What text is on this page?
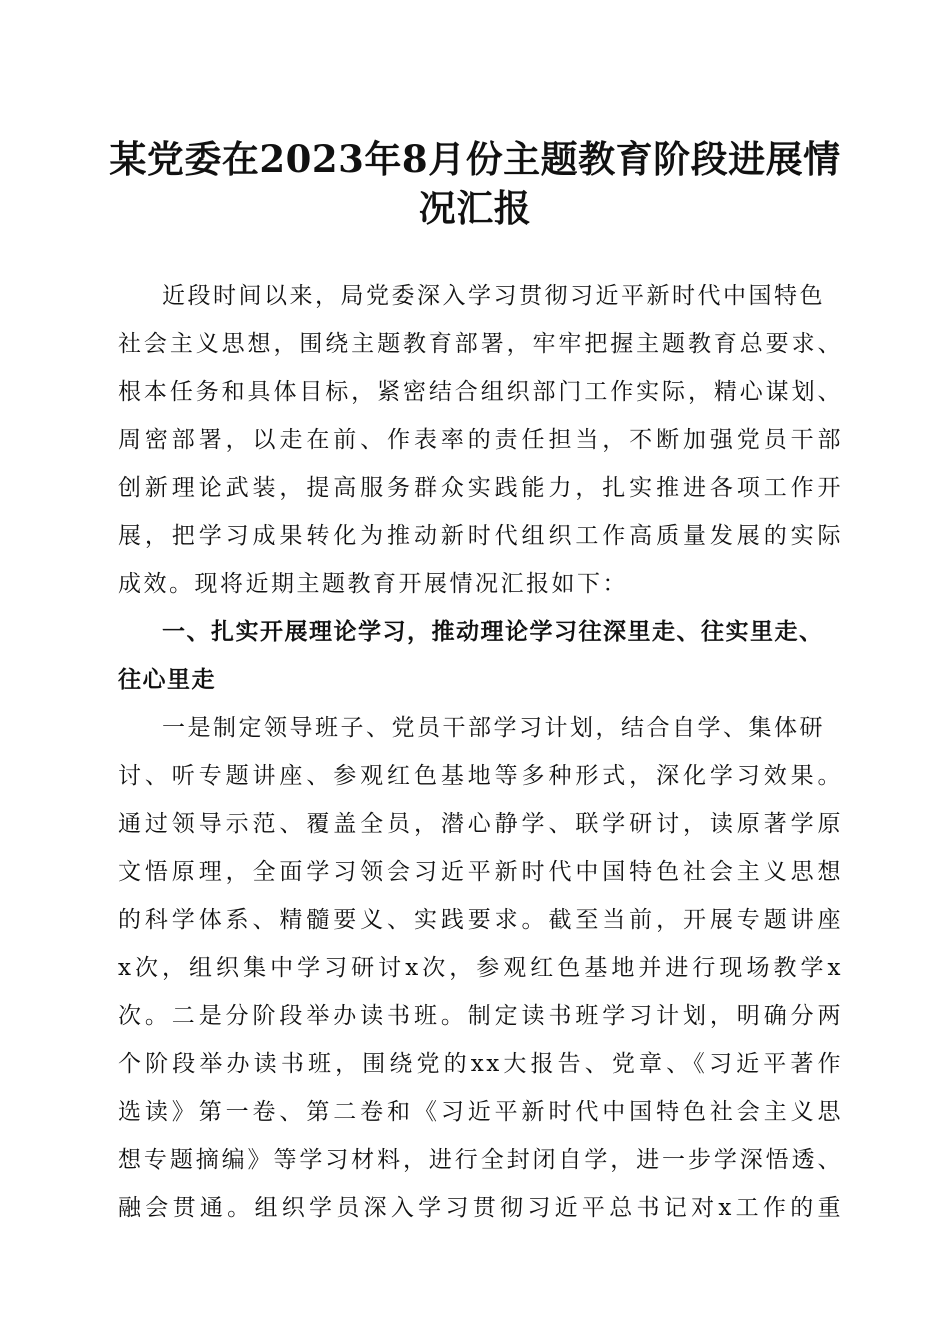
某党委在2023年8月份主题教育阶段进展情
况汇报
近段时间以来，局党委深入学习贯彻习近平新时代中国特色
社会主义思想，围绕主题教育部署，牢牢把握主题教育总要求、
根本任务和具体目标，紧密结合组织部门工作实际，精心谋划、
周密部署，以走在前、作表率的责任担当，不断加强党员干部
创新理论武装，提高服务群众实践能力，扎实推进各项工作开
展，把学习成果转化为推动新时代组织工作高质量发展的实际
成效。现将近期主题教育开展情况汇报如下：
一、扎实开展理论学习，推动理论学习往深里走、往实里走、
往心里走
一是制定领导班子、党员干部学习计划，结合自学、集体研
讨、听专题讲座、参观红色基地等多种形式，深化学习效果。
通过领导示范、覆盖全员，潜心静学、联学研讨，读原著学原
文悟原理，全面学习领会习近平新时代中国特色社会主义思想
的科学体系、精髓要义、实践要求。截至当前，开展专题讲座
x次，组织集中学习研讨x次，参观红色基地并进行现场教学x
次。二是分阶段举办读书班。制定读书班学习计划，明确分两
个阶段举办读书班，围绕党的xx大报告、党章、《习近平著作
选读》第一卷、第二卷和《习近平新时代中国特色社会主义思
想专题摘编》等学习材料，进行全封闭自学，进一步学深悟透、
融会贯通。组织学员深入学习贯彻习近平总书记对x工作的重
